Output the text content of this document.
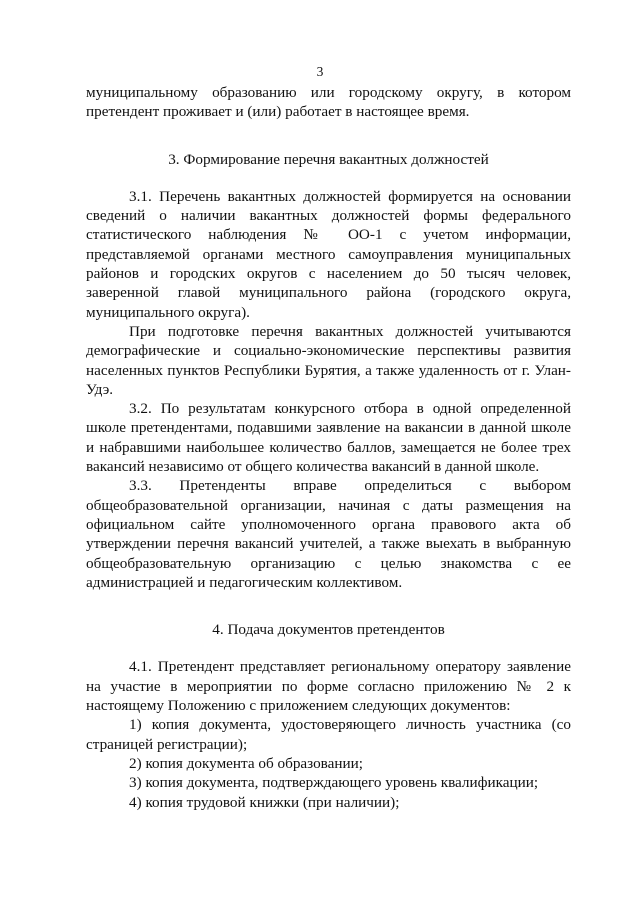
3

муниципальному образованию или городскому округу, в котором претендент проживает и (или) работает в настоящее время.

3. Формирование перечня вакантных должностей

3.1. Перечень вакантных должностей формируется на основании сведений о наличии вакантных должностей формы федерального статистического наблюдения № ОО-1 с учетом информации, представляемой органами местного самоуправления муниципальных районов и городских округов с населением до 50 тысяч человек, заверенной главой муниципального района (городского округа, муниципального округа).

При подготовке перечня вакантных должностей учитываются демографические и социально-экономические перспективы развития населенных пунктов Республики Бурятия, а также удаленность от г. Улан-Удэ.

3.2. По результатам конкурсного отбора в одной определенной школе претендентами, подавшими заявление на вакансии в данной школе и набравшими наибольшее количество баллов, замещается не более трех вакансий независимо от общего количества вакансий в данной школе.

3.3. Претенденты вправе определиться с выбором общеобразовательной организации, начиная с даты размещения на официальном сайте уполномоченного органа правового акта об утверждении перечня вакансий учителей, а также выехать в выбранную общеобразовательную организацию с целью знакомства с ее администрацией и педагогическим коллективом.

4. Подача документов претендентов

4.1. Претендент представляет региональному оператору заявление на участие в мероприятии по форме согласно приложению № 2 к настоящему Положению с приложением следующих документов:

1) копия документа, удостоверяющего личность участника (со страницей регистрации);

2) копия документа об образовании;

3) копия документа, подтверждающего уровень квалификации;

4) копия трудовой книжки (при наличии);
